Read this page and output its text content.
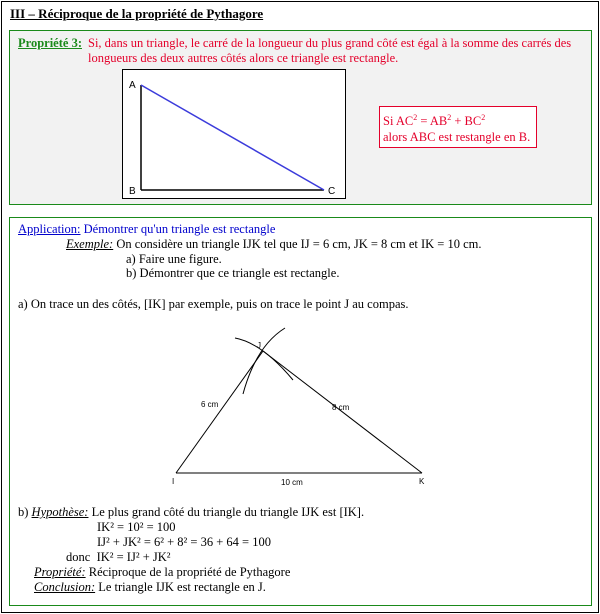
III – Réciproque de la propriété de Pythagore
Propriété 3: Si, dans un triangle, le carré de la longueur du plus grand côté est égal à la somme des carrés des
longueurs des deux autres côtés alors ce triangle est rectangle.
A
B	C
Si $AC^2 = AB^2 + BC^2$
alors ABC est restangle en B.
Application: Démontrer qu'un triangle est rectangle
Exemple: On considère un triangle IJK tel que IJ = 6 cm, JK = 8 cm et IK = 10 cm.
a) Faire une figure.
b) Démontrer que ce triangle est rectangle.
a) On trace un des côtés, [IK] par exemple, puis on trace le point J au compas.
I
J
K
6 cm	8 cm
10 cm
b) Hypothèse: Le plus grand côté du triangle du triangle IJK est [IK].
IK² = 10² = 100
IJ² + JK² = 6² + 8² = 36 + 64 = 100
donc IK² = IJ² + JK²
Propriété: Réciproque de la propriété de Pythagore
Conclusion: Le triangle IJK est rectangle en J.
